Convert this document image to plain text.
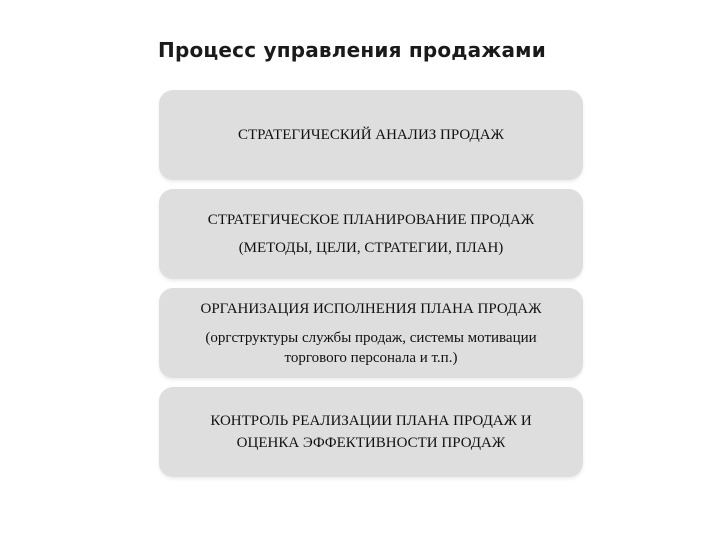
Процесс управления продажами
СТРАТЕГИЧЕСКИЙ АНАЛИЗ ПРОДАЖ
СТРАТЕГИЧЕСКОЕ ПЛАНИРОВАНИЕ ПРОДАЖ
(МЕТОДЫ, ЦЕЛИ, СТРАТЕГИИ, ПЛАН)
ОРГАНИЗАЦИЯ ИСПОЛНЕНИЯ ПЛАНА ПРОДАЖ
(оргструктуры службы продаж, системы мотивации
торгового персонала и т.п.)
КОНТРОЛЬ РЕАЛИЗАЦИИ ПЛАНА ПРОДАЖ И
ОЦЕНКА ЭФФЕКТИВНОСТИ ПРОДАЖ
